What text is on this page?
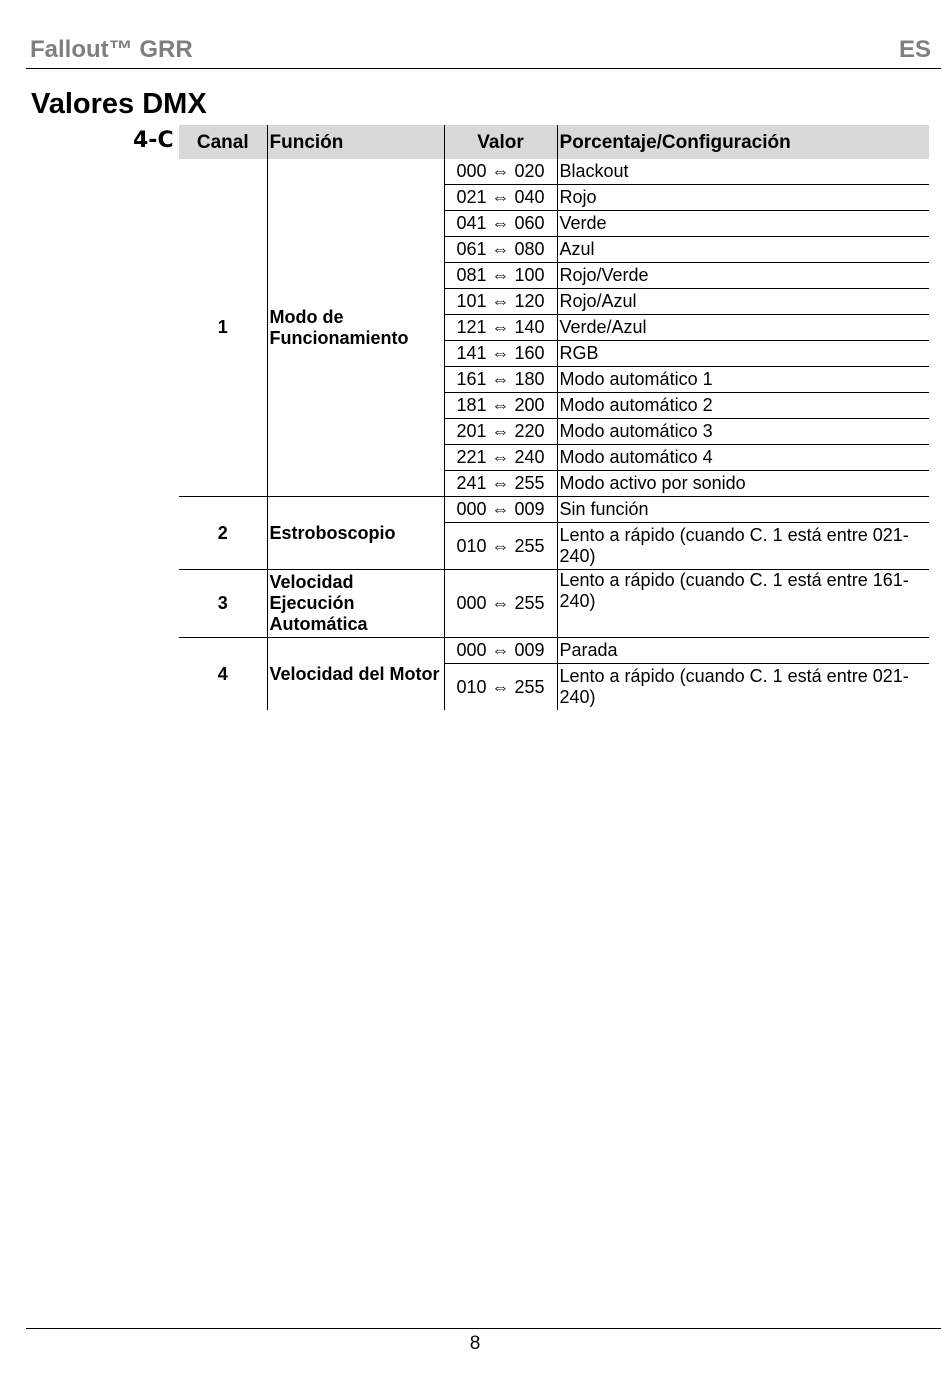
Fallout™ GRR	ES
Valores DMX
4-C Canal	Función	Valor	Porcentaje/Configuración
1	Modo de Funcionamiento	000 ⇔ 020	Blackout
		021 ⇔ 040	Rojo
		041 ⇔ 060	Verde
		061 ⇔ 080	Azul
		081 ⇔ 100	Rojo/Verde
		101 ⇔ 120	Rojo/Azul
		121 ⇔ 140	Verde/Azul
		141 ⇔ 160	RGB
		161 ⇔ 180	Modo automático 1
		181 ⇔ 200	Modo automático 2
		201 ⇔ 220	Modo automático 3
		221 ⇔ 240	Modo automático 4
		241 ⇔ 255	Modo activo por sonido
2	Estroboscopio	000 ⇔ 009	Sin función
		010 ⇔ 255	Lento a rápido (cuando C. 1 está entre 021-240)
3	Velocidad Ejecución Automática	000 ⇔ 255	Lento a rápido (cuando C. 1 está entre 161-240)
4	Velocidad del Motor	000 ⇔ 009	Parada
		010 ⇔ 255	Lento a rápido (cuando C. 1 está entre 021-240)
8
